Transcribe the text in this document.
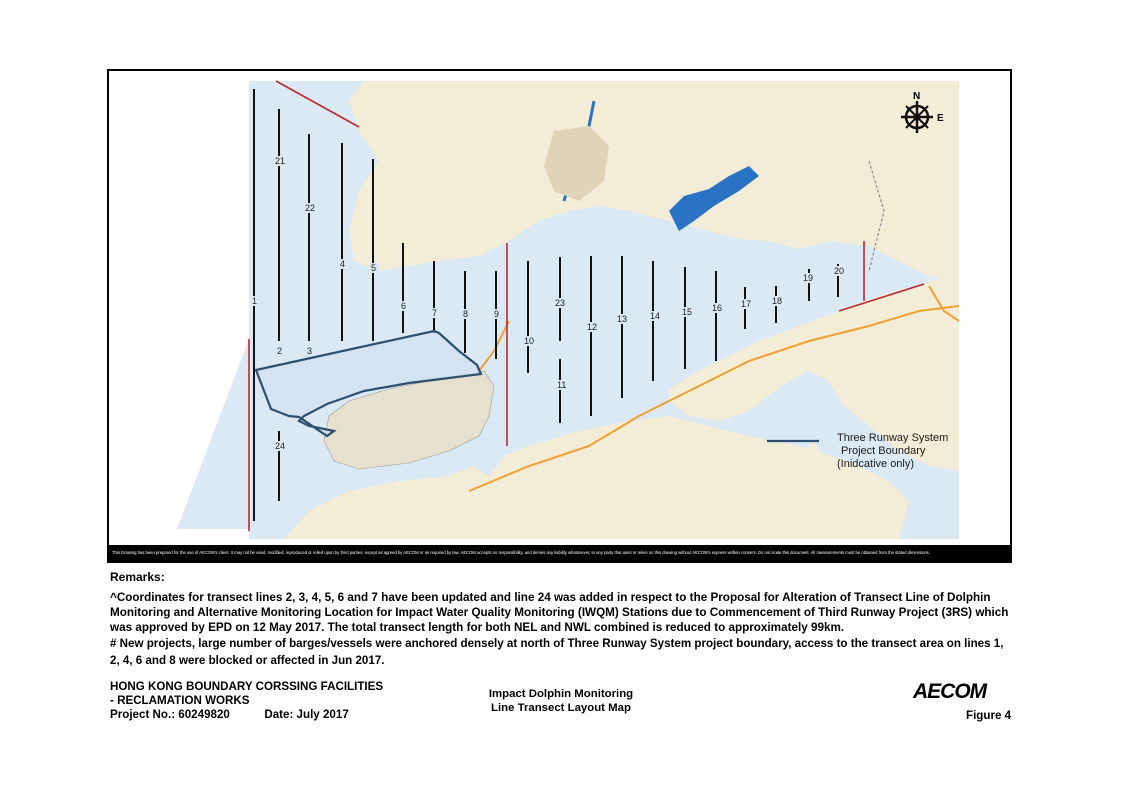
1
2	3
4	5
6
7	8	9
10
11
12
13	14 15 16 17 18
19
20
21
22
23
24
N
E
Three Runway System
Project Boundary
(Inidcative only)
This Drawing has been prepared for the use of AECOM's client. It may not be used, modified, reproduced or relied upon by third parties, except as agreed by AECOM or as required by law. AECOM accepts no responsibility, and denies any liability whatsoever, to any party that uses or relies on this drawing without AECOM's express written consent. Do not scale this document. All measurements must be obtained from the stated dimensions.
Remarks:
^Coordinates for transect lines 2, 3, 4, 5, 6 and 7 have been updated and line 24 was added in respect to the Proposal for Alteration of Transect Line of Dolphin Monitoring and Alternative Monitoring Location for Impact Water Quality Monitoring (IWQM) Stations due to Commencement of Third Runway Project (3RS) which was approved by EPD on 12 May 2017. The total transect length for both NEL and NWL combined is reduced to approximately 99km.
# New projects, large number of barges/vessels were anchored densely at north of Three Runway System project boundary, access to the transect area on lines 1, 2, 4, 6 and 8 were blocked or affected in Jun 2017.
HONG KONG BOUNDARY CORSSING FACILITIES
- RECLAMATION WORKS
Project No.: 60249820	Date: July 2017
Impact Dolphin Monitoring
Line Transect Layout Map
AECOM
Figure 4
